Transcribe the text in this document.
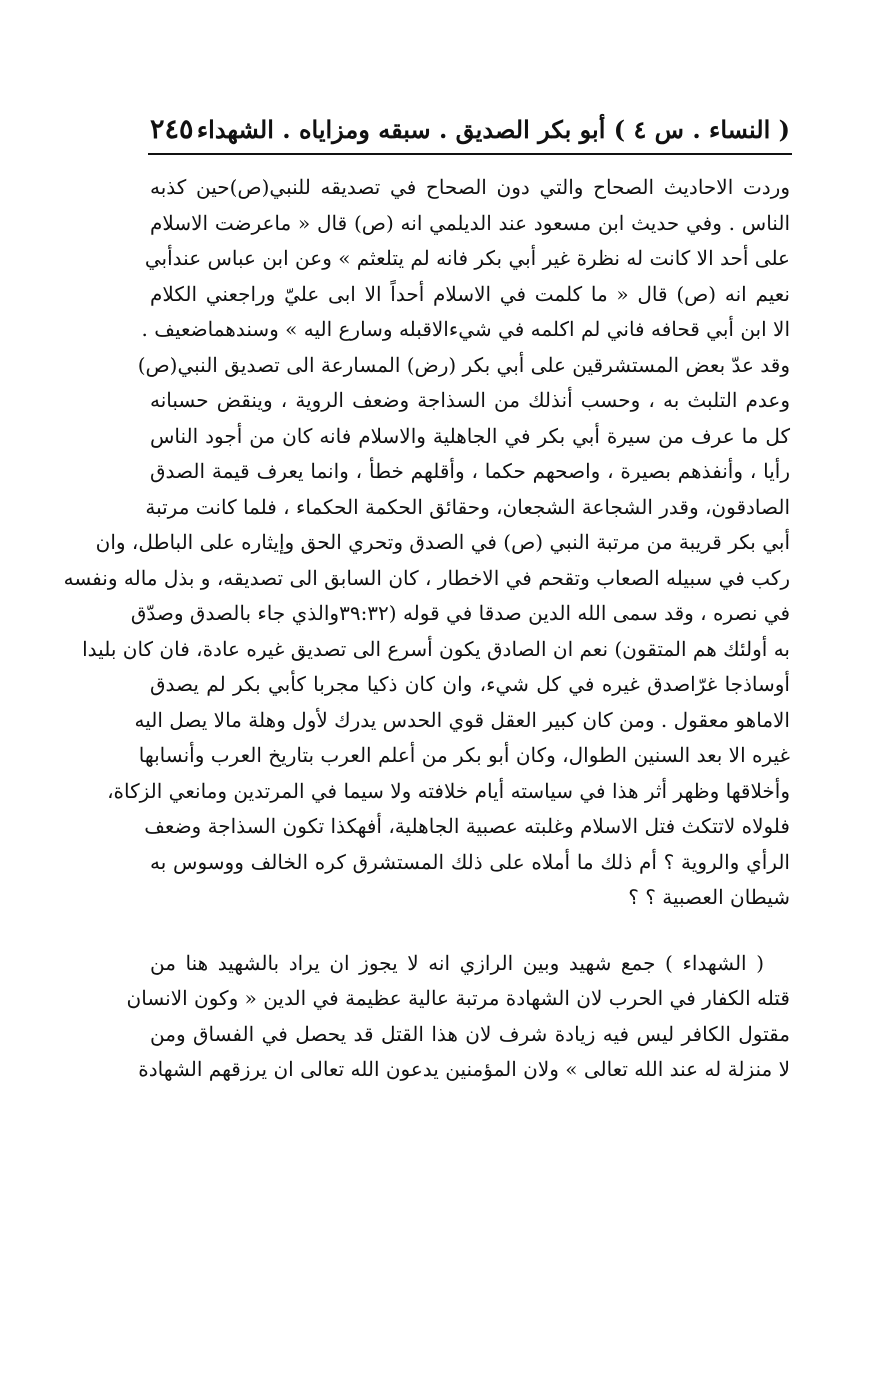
( النساء . س ٤ ) أبو بكر الصديق . سبقه ومزاياه . الشهداء
٢٤٥
وردت الاحاديث الصحاح والتي دون الصحاح في تصديقه للنبي(ص)حين كذبه
الناس . وفي حديث ابن مسعود عند الديلمي انه (ص) قال « ماعرضت الاسلام
على أحد الا كانت له نظرة غير أبي بكر فانه لم يتلعثم » وعن ابن عباس عندأبي
نعيم انه (ص) قال « ما كلمت في الاسلام أحداً الا ابى عليّ وراجعني الكلام
الا ابن أبي قحافه فاني لم اكلمه في شيءالاقبله وسارع اليه » وسندهماضعيف .
وقد عدّ بعض المستشرقين على أبي بكر (رض) المسارعة الى تصديق النبي(ص)
وعدم التلبث به ، وحسب أنذلك من السذاجة وضعف الروية ، وينقض حسبانه
كل ما عرف من سيرة أبي بكر في الجاهلية والاسلام فانه كان من أجود الناس
رأيا ، وأنفذهم بصيرة ، واصحهم حكما ، وأقلهم خطأ ، وانما يعرف قيمة الصدق
الصادقون، وقدر الشجاعة الشجعان، وحقائق الحكمة الحكماء ، فلما كانت مرتبة
أبي بكر قريبة من مرتبة النبي (ص) في الصدق وتحري الحق وإيثاره على الباطل، وان
ركب في سبيله الصعاب وتقحم في الاخطار ، كان السابق الى تصديقه، و بذل ماله ونفسه
في نصره ، وقد سمى الله الدين صدقا في قوله (٣٩:٣٢والذي جاء بالصدق وصدّق
به أولئك هم المتقون) نعم ان الصادق يكون أسرع الى تصديق غيره عادة، فان كان بليدا
أوساذجا غرّاصدق غيره في كل شيء، وان كان ذكيا مجربا كأبي بكر لم يصدق
الاماهو معقول . ومن كان كبير العقل قوي الحدس يدرك لأول وهلة مالا يصل اليه
غيره الا بعد السنين الطوال، وكان أبو بكر من أعلم العرب بتاريخ العرب وأنسابها
وأخلاقها وظهر أثر هذا في سياسته أيام خلافته ولا سيما في المرتدين ومانعي الزكاة،
فلولاه لاتتكث فتل الاسلام وغلبته عصبية الجاهلية، أفهكذا تكون السذاجة وضعف
الرأي والروية ؟ أم ذلك ما أملاه على ذلك المستشرق كره الخالف ووسوس به
شيطان العصبية ؟ ؟
( الشهداء ) جمع شهيد وبين الرازي انه لا يجوز ان يراد بالشهيد هنا من
قتله الكفار في الحرب لان الشهادة مرتبة عالية عظيمة في الدين « وكون الانسان
مقتول الكافر ليس فيه زيادة شرف لان هذا القتل قد يحصل في الفساق ومن
لا منزلة له عند الله تعالى » ولان المؤمنين يدعون الله تعالى ان يرزقهم الشهادة
